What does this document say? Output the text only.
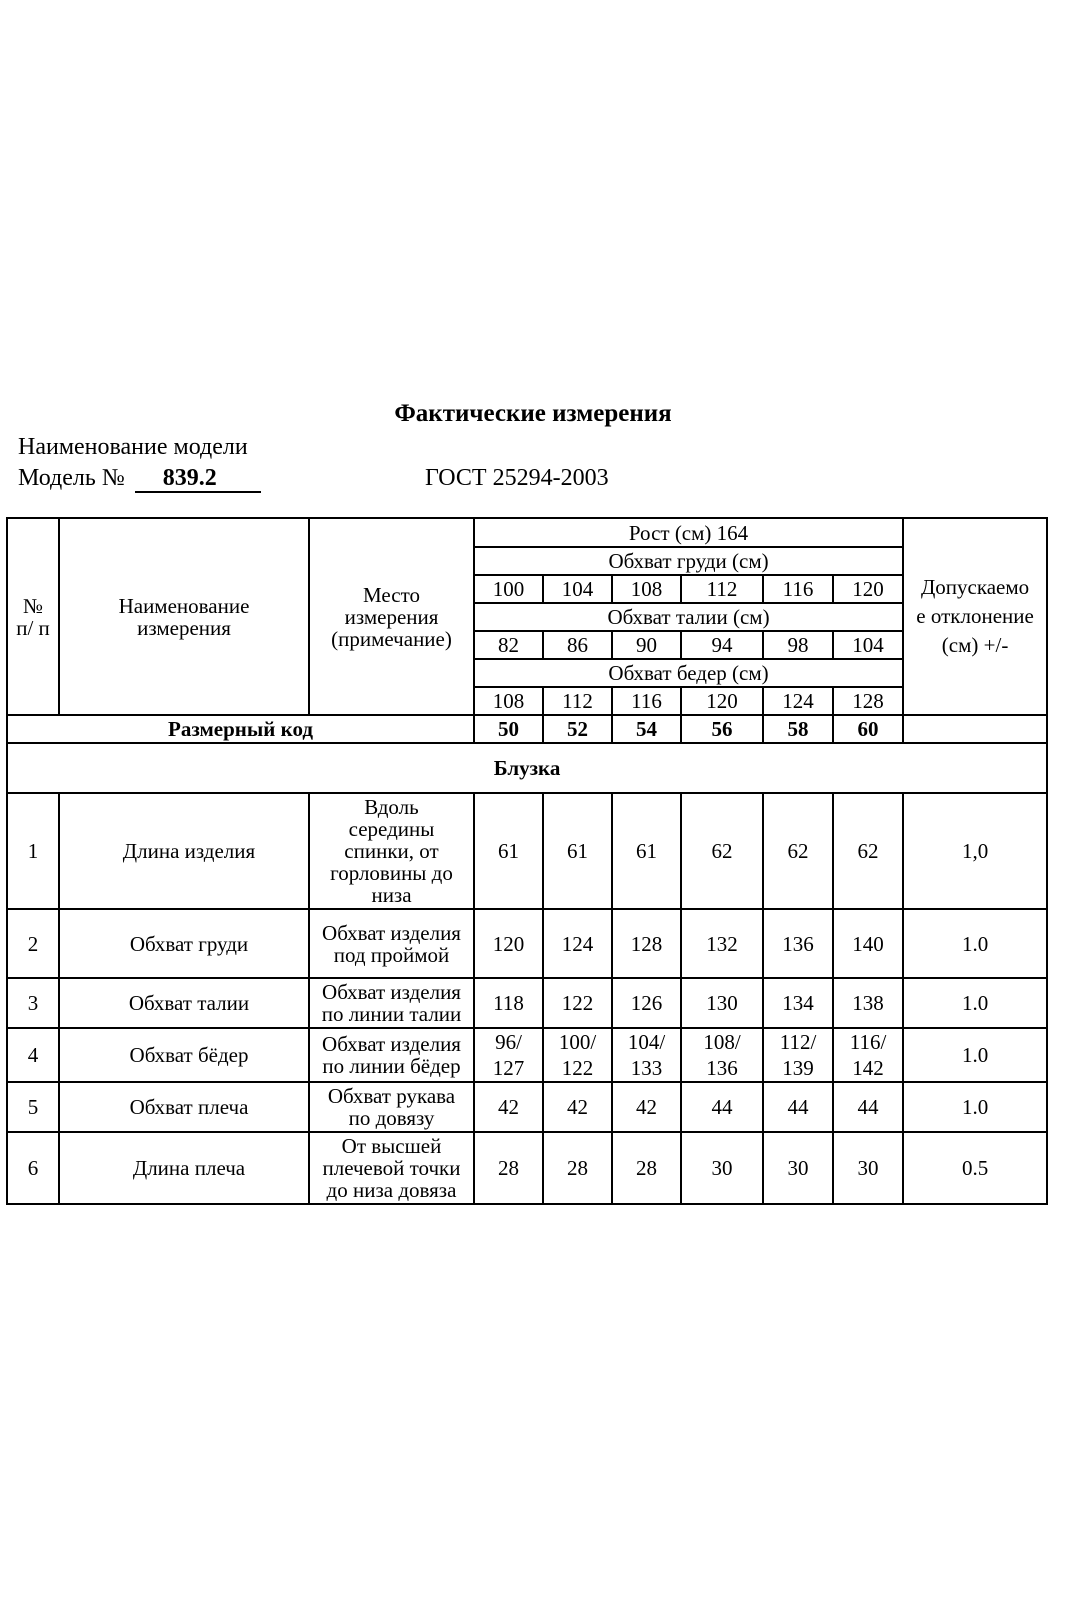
Фактические измерения
Наименование модели
Модель № 839.2	ГОСТ 25294-2003
№ п/ п	Наименование измерения	Место измерения (примечание)	Рост (см) 164						Допускаемо е отклонение (см) +/-
			Обхват груди (см)						
			100	104	108	112	116	120	
			Обхват талии (см)						
			82	86	90	94	98	104	
			Обхват бедер (см)						
			108	112	116	120	124	128	
Размерный код			50	52	54	56	58	60	
Блузка									
1	Длина изделия	Вдоль середины спинки, от горловины до низа	61	61	61	62	62	62	1,0
2	Обхват груди	Обхват изделия под проймой	120	124	128	132	136	140	1.0
3	Обхват талии	Обхват изделия по линии талии	118	122	126	130	134	138	1.0
4	Обхват бёдер	Обхват изделия по линии бёдер	96/ 127	100/ 122	104/ 133	108/ 136	112/ 139	116/ 142	1.0
5	Обхват плеча	Обхват рукава по довязу	42	42	42	44	44	44	1.0
6	Длина плеча	От высшей плечевой точки до низа довяза	28	28	28	30	30	30	0.5
